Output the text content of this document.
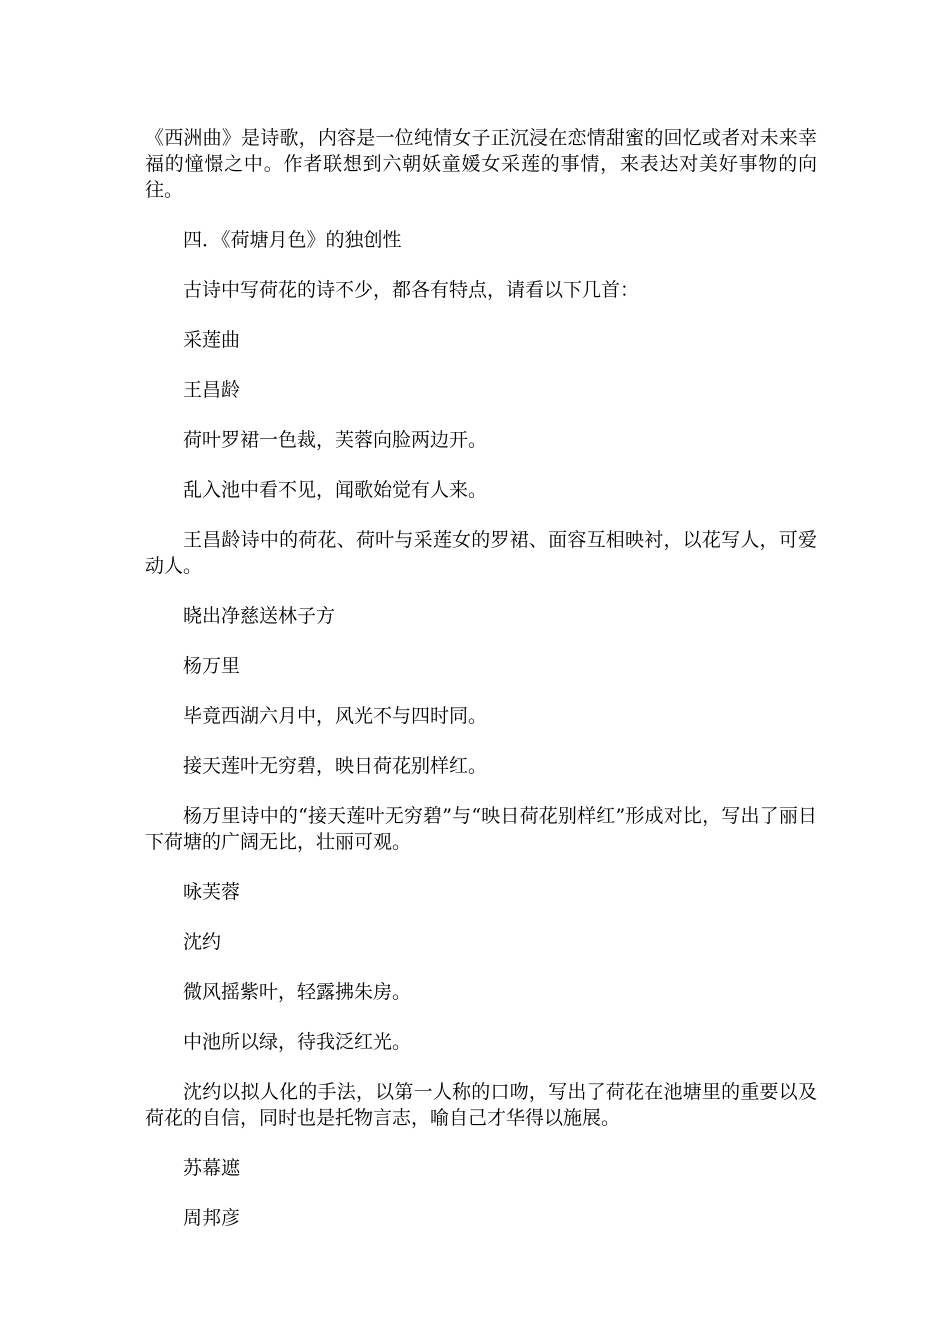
《西洲曲》是诗歌，内容是一位纯情女子正沉浸在恋情甜蜜的回忆或者对未来幸福的憧憬之中。作者联想到六朝妖童媛女采莲的事情，来表达对美好事物的向往。

四．《荷塘月色》的独创性

古诗中写荷花的诗不少，都各有特点，请看以下几首：

采莲曲

王昌龄

荷叶罗裙一色裁，芙蓉向脸两边开。

乱入池中看不见，闻歌始觉有人来。

王昌龄诗中的荷花、荷叶与采莲女的罗裙、面容互相映衬，以花写人，可爱动人。

晓出净慈送林子方

杨万里

毕竟西湖六月中，风光不与四时同。

接天莲叶无穷碧，映日荷花别样红。

杨万里诗中的“接天莲叶无穷碧”与“映日荷花别样红”形成对比，写出了丽日下荷塘的广阔无比，壮丽可观。

咏芙蓉

沈约

微风摇紫叶，轻露拂朱房。

中池所以绿，待我泛红光。

沈约以拟人化的手法，以第一人称的口吻，写出了荷花在池塘里的重要以及荷花的自信，同时也是托物言志，喻自己才华得以施展。

苏幕遮

周邦彦
